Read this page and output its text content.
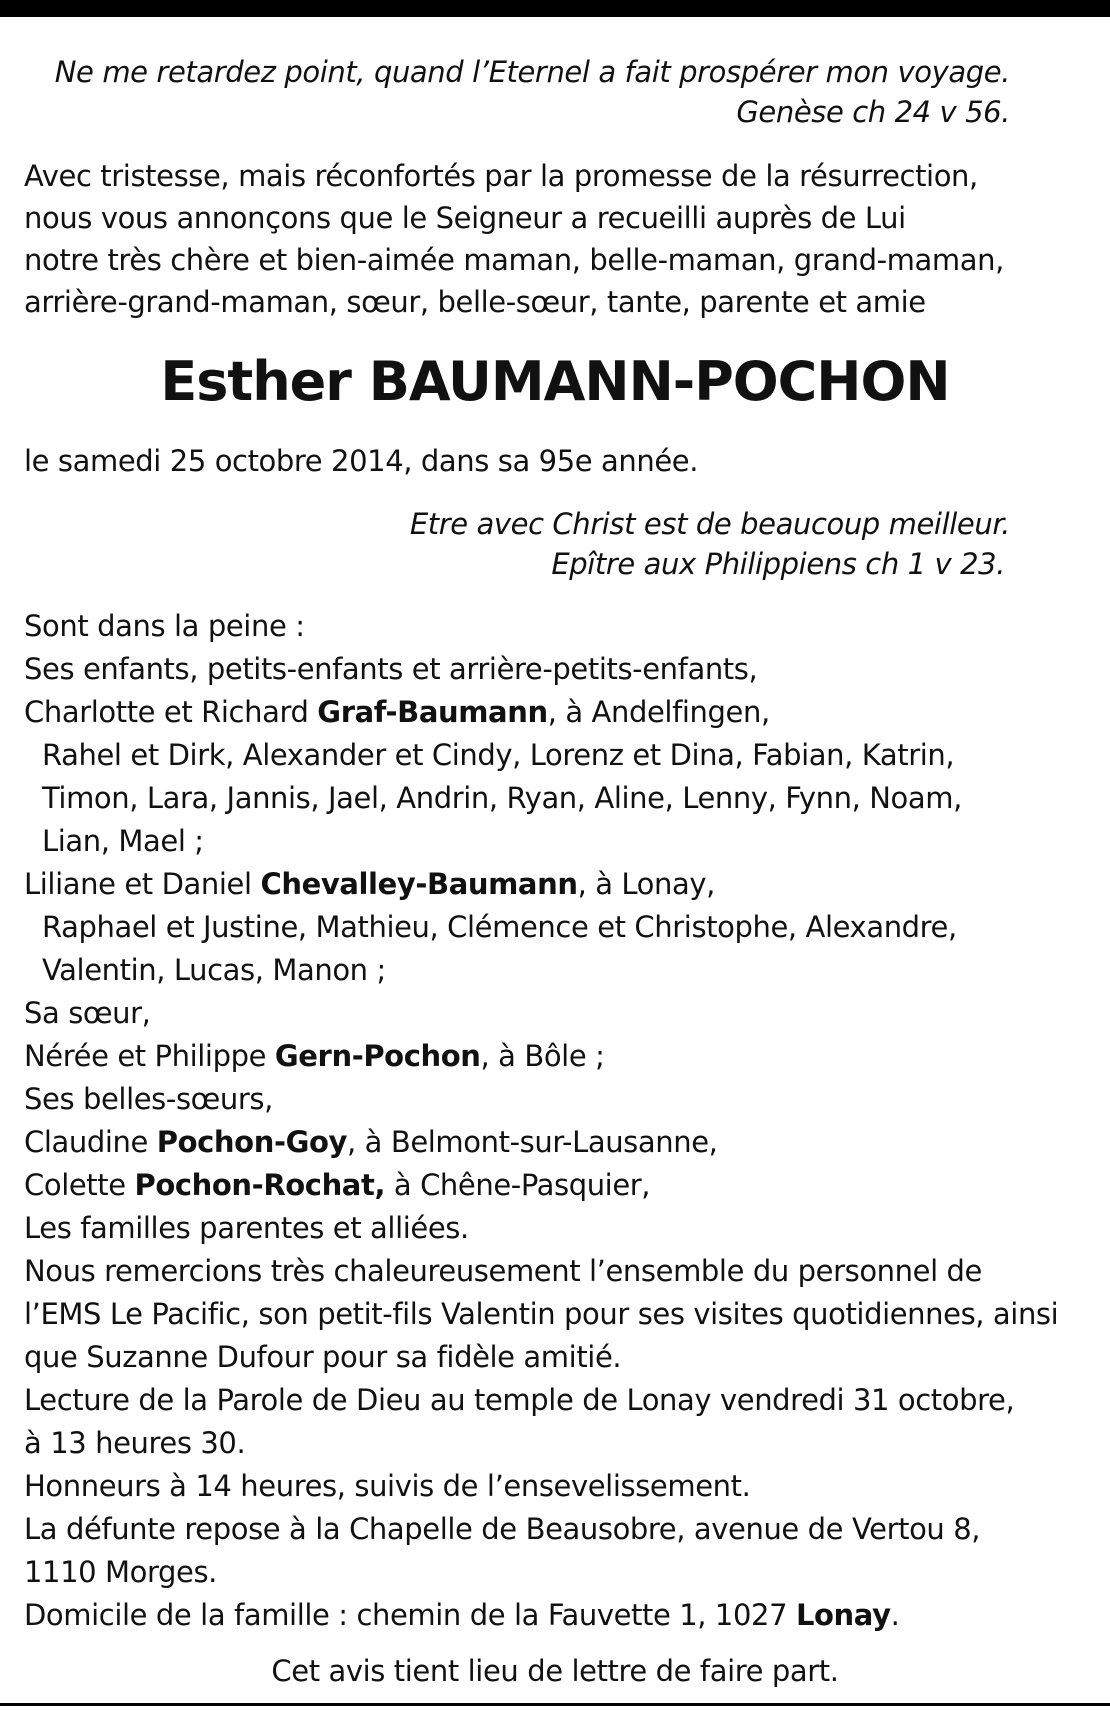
Ne me retardez point, quand l’Eternel a fait prospérer mon voyage.
Genèse ch 24 v 56.
Avec tristesse, mais réconfortés par la promesse de la résurrection,
nous vous annonçons que le Seigneur a recueilli auprès de Lui
notre très chère et bien-aimée maman, belle-maman, grand-maman,
arrière-grand-maman, sœur, belle-sœur, tante, parente et amie
Esther BAUMANN-POCHON
le samedi 25 octobre 2014, dans sa 95e année.
Etre avec Christ est de beaucoup meilleur.
Epître aux Philippiens ch 1 v 23.
Sont dans la peine :
Ses enfants, petits-enfants et arrière-petits-enfants,
Charlotte et Richard Graf-Baumann, à Andelfingen,
Rahel et Dirk, Alexander et Cindy, Lorenz et Dina, Fabian, Katrin,
Timon, Lara, Jannis, Jael, Andrin, Ryan, Aline, Lenny, Fynn, Noam,
Lian, Mael ;
Liliane et Daniel Chevalley-Baumann, à Lonay,
Raphael et Justine, Mathieu, Clémence et Christophe, Alexandre,
Valentin, Lucas, Manon ;
Sa sœur,
Nérée et Philippe Gern-Pochon, à Bôle ;
Ses belles-sœurs,
Claudine Pochon-Goy, à Belmont-sur-Lausanne,
Colette Pochon-Rochat, à Chêne-Pasquier,
Les familles parentes et alliées.
Nous remercions très chaleureusement l’ensemble du personnel de
l’EMS Le Pacific, son petit-fils Valentin pour ses visites quotidiennes, ainsi
que Suzanne Dufour pour sa fidèle amitié.
Lecture de la Parole de Dieu au temple de Lonay vendredi 31 octobre,
à 13 heures 30.
Honneurs à 14 heures, suivis de l’ensevelissement.
La défunte repose à la Chapelle de Beausobre, avenue de Vertou 8,
1110 Morges.
Domicile de la famille : chemin de la Fauvette 1, 1027 Lonay.
Cet avis tient lieu de lettre de faire part.
